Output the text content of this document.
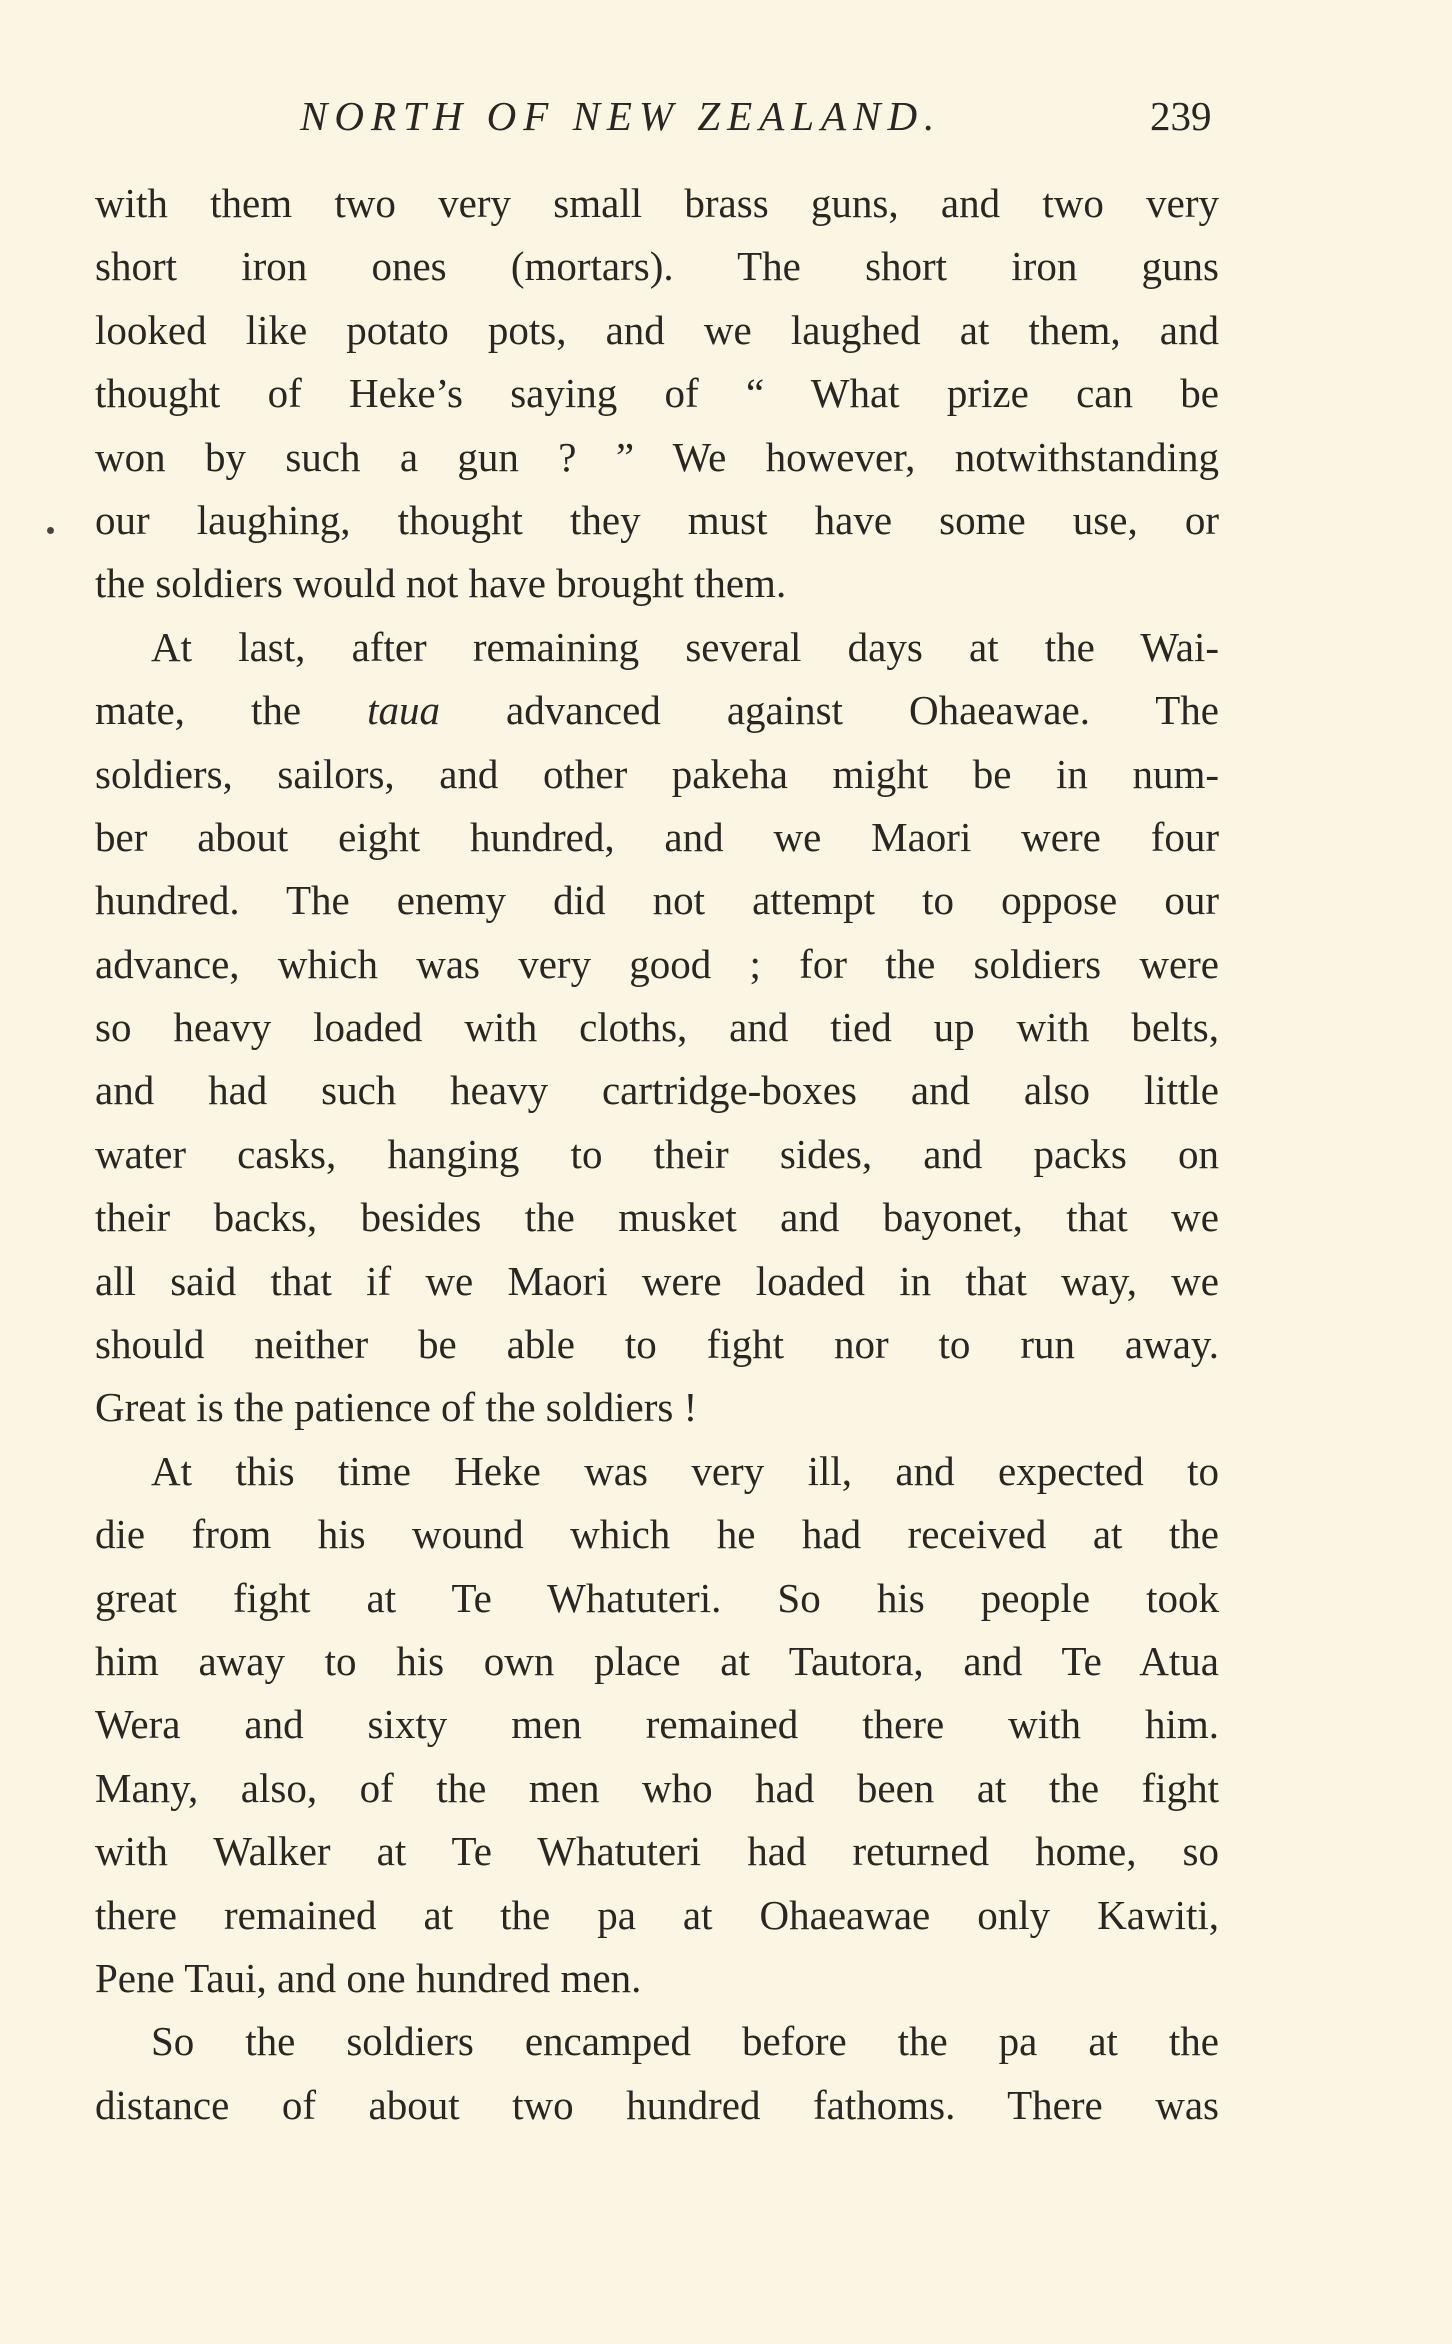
NORTH OF NEW ZEALAND.	239
with them two very small brass guns, and two very
short iron ones (mortars). The short iron guns
looked like potato pots, and we laughed at them, and
thought of Heke’s saying of “ What prize can be
won by such a gun ? ” We however, notwithstanding
our laughing, thought they must have some use, or
the soldiers would not have brought them.
At last, after remaining several days at the Wai-
mate, the taua advanced against Ohaeawae. The
soldiers, sailors, and other pakeha might be in num-
ber about eight hundred, and we Maori were four
hundred. The enemy did not attempt to oppose our
advance, which was very good ; for the soldiers were
so heavy loaded with cloths, and tied up with belts,
and had such heavy cartridge-boxes and also little
water casks, hanging to their sides, and packs on
their backs, besides the musket and bayonet, that we
all said that if we Maori were loaded in that way, we
should neither be able to fight nor to run away.
Great is the patience of the soldiers !
At this time Heke was very ill, and expected to
die from his wound which he had received at the
great fight at Te Whatuteri. So his people took
him away to his own place at Tautora, and Te Atua
Wera and sixty men remained there with him.
Many, also, of the men who had been at the fight
with Walker at Te Whatuteri had returned home, so
there remained at the pa at Ohaeawae only Kawiti,
Pene Taui, and one hundred men.
So the soldiers encamped before the pa at the
distance of about two hundred fathoms. There was
